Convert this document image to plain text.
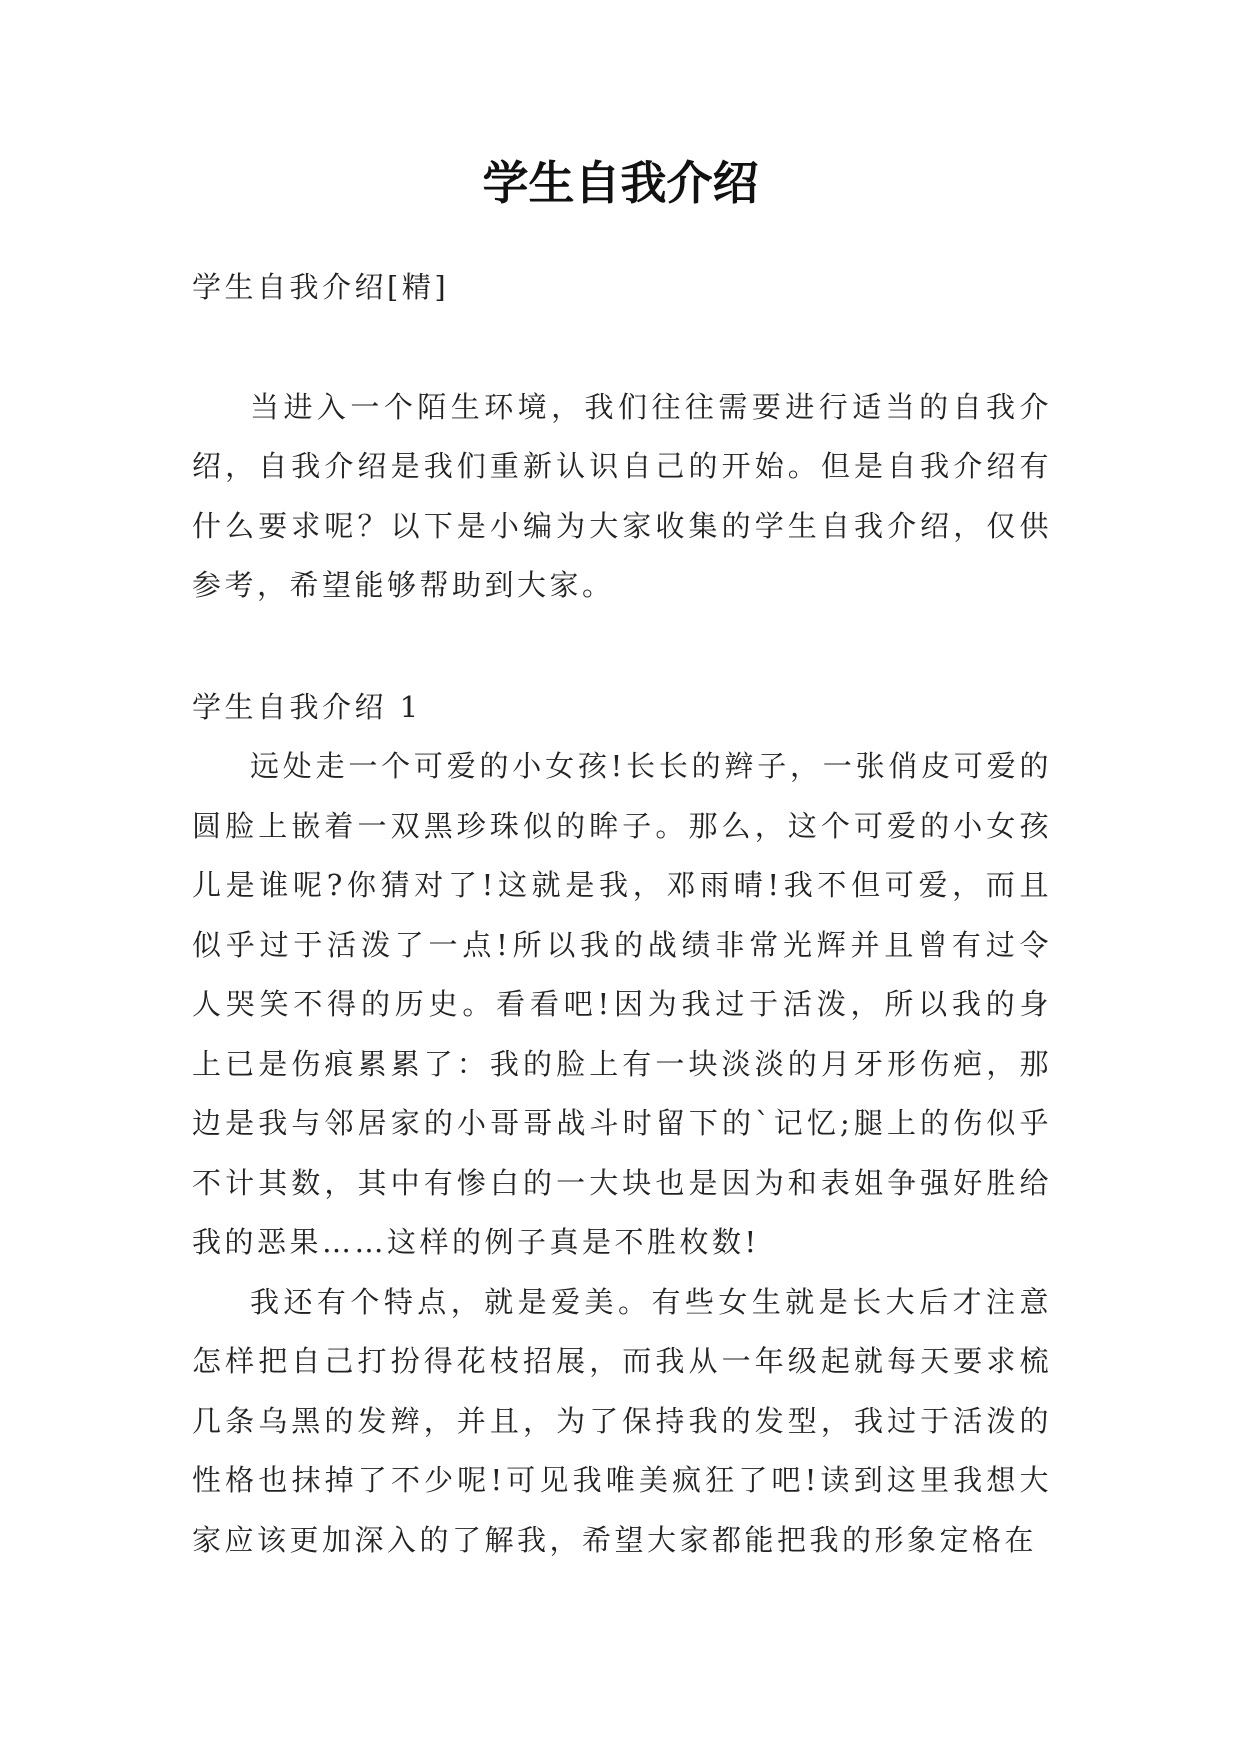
学生自我介绍

学生自我介绍[精]

当进入一个陌生环境，我们往往需要进行适当的自我介绍，自我介绍是我们重新认识自己的开始。但是自我介绍有什么要求呢？以下是小编为大家收集的学生自我介绍，仅供参考，希望能够帮助到大家。

学生自我介绍 1

远处走一个可爱的小女孩!长长的辫子，一张俏皮可爱的圆脸上嵌着一双黑珍珠似的眸子。那么，这个可爱的小女孩儿是谁呢?你猜对了!这就是我，邓雨晴!我不但可爱，而且似乎过于活泼了一点!所以我的战绩非常光辉并且曾有过令人哭笑不得的历史。看看吧!因为我过于活泼，所以我的身上已是伤痕累累了：我的脸上有一块淡淡的月牙形伤疤，那边是我与邻居家的小哥哥战斗时留下的`记忆;腿上的伤似乎不计其数，其中有惨白的一大块也是因为和表姐争强好胜给我的恶果……这样的例子真是不胜枚数!

我还有个特点，就是爱美。有些女生就是长大后才注意怎样把自己打扮得花枝招展，而我从一年级起就每天要求梳几条乌黑的发辫，并且，为了保持我的发型，我过于活泼的性格也抹掉了不少呢!可见我唯美疯狂了吧!读到这里我想大家应该更加深入的了解我，希望大家都能把我的形象定格在
